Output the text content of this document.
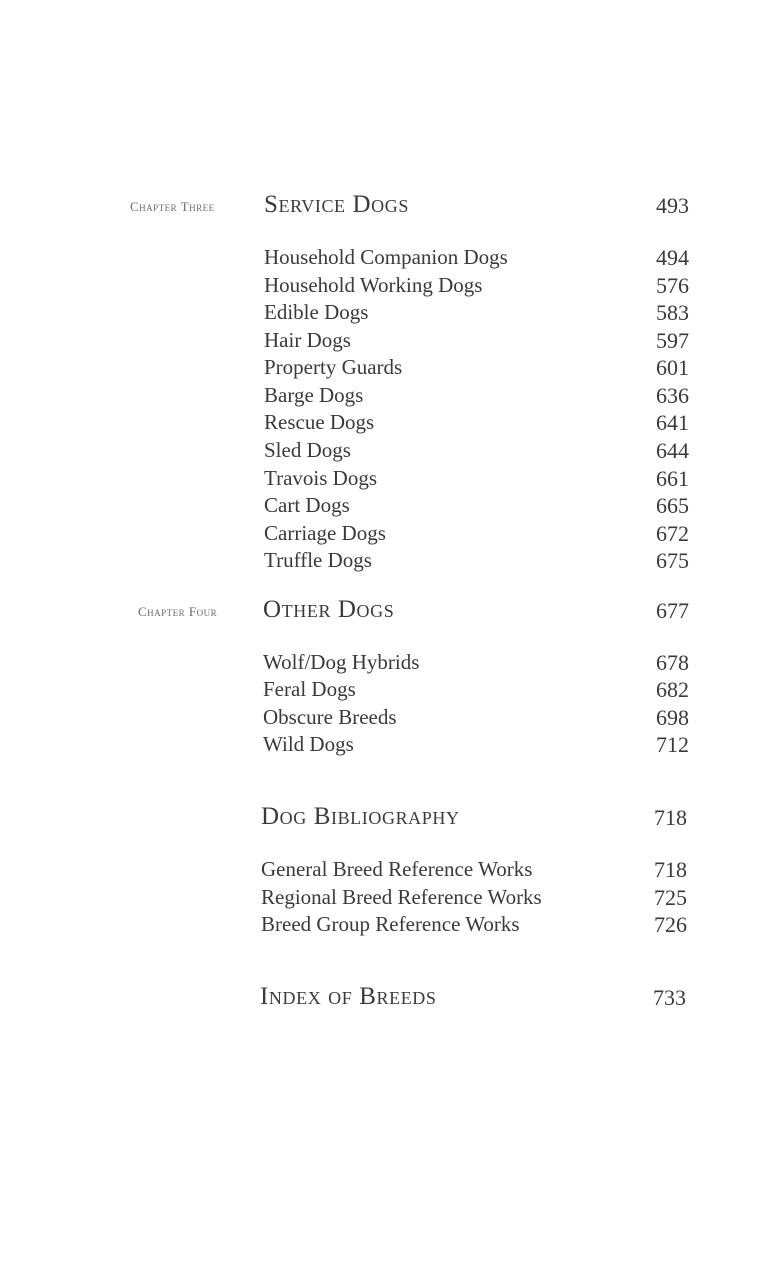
Chapter Three Service Dogs	493
Household Companion Dogs	494
Household Working Dogs	576
Edible Dogs	583
Hair Dogs	597
Property Guards	601
Barge Dogs	636
Rescue Dogs	641
Sled Dogs	644
Travois Dogs	661
Cart Dogs	665
Carriage Dogs	672
Truffle Dogs	675
Chapter Four Other Dogs	677
Wolf/Dog Hybrids	678
Feral Dogs	682
Obscure Breeds	698
Wild Dogs	712
Dog Bibliography	718
General Breed Reference Works	718
Regional Breed Reference Works	725
Breed Group Reference Works	726
Index of Breeds	733
